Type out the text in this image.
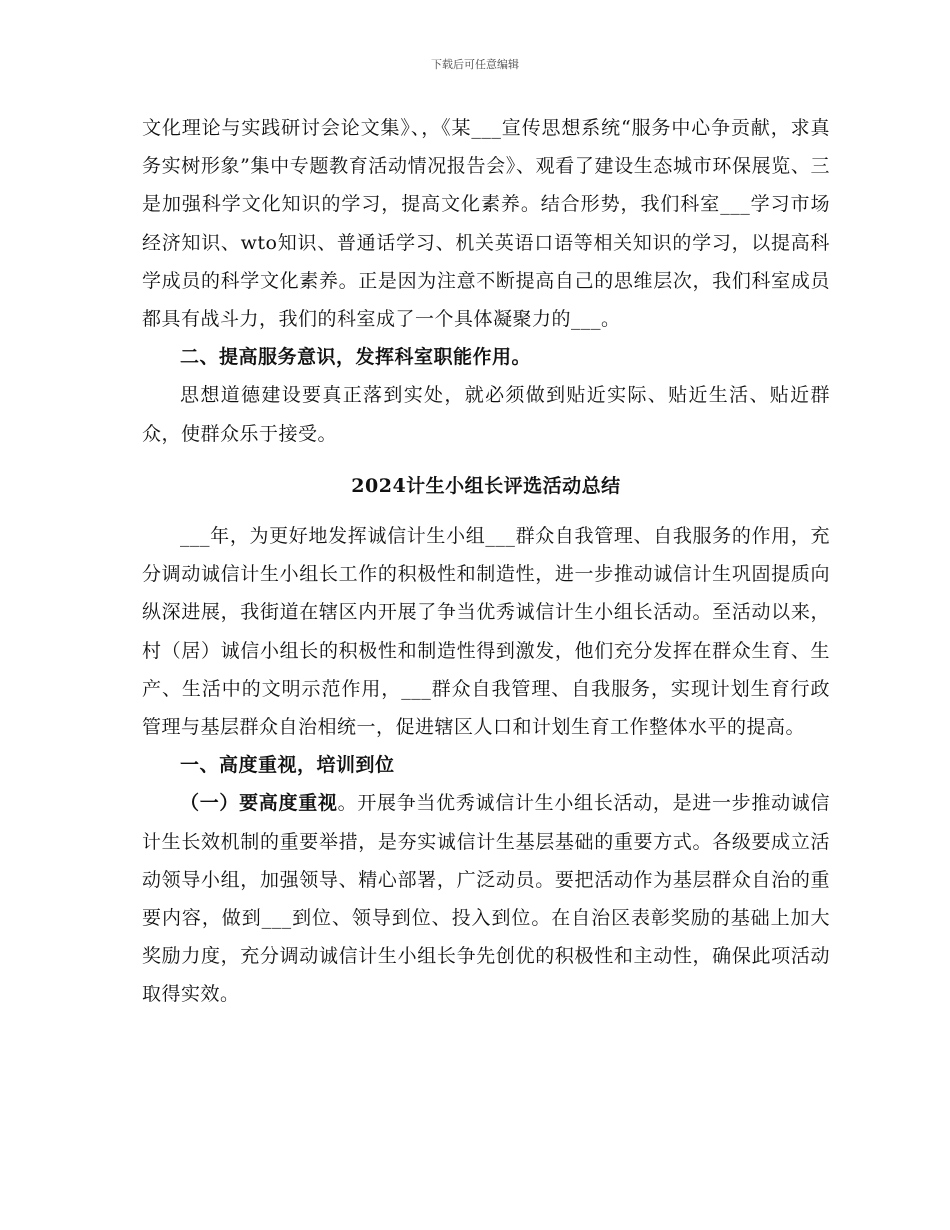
下载后可任意编辑

文化理论与实践研讨会论文集》、，《某___宣传思想系统“服务中心争贡献，求真务实树形象”集中专题教育活动情况报告会》、观看了建设生态城市环保展览、三是加强科学文化知识的学习，提高文化素养。结合形势，我们科室___学习市场经济知识、wto知识、普通话学习、机关英语口语等相关知识的学习，以提高科学成员的科学文化素养。正是因为注意不断提高自己的思维层次，我们科室成员都具有战斗力，我们的科室成了一个具体凝聚力的___。

二、提高服务意识，发挥科室职能作用。

思想道德建设要真正落到实处，就必须做到贴近实际、贴近生活、贴近群众，使群众乐于接受。

2024计生小组长评选活动总结

___年，为更好地发挥诚信计生小组___群众自我管理、自我服务的作用，充分调动诚信计生小组长工作的积极性和制造性，进一步推动诚信计生巩固提质向纵深进展，我街道在辖区内开展了争当优秀诚信计生小组长活动。至活动以来，村（居）诚信小组长的积极性和制造性得到激发，他们充分发挥在群众生育、生产、生活中的文明示范作用，___群众自我管理、自我服务，实现计划生育行政管理与基层群众自治相统一，促进辖区人口和计划生育工作整体水平的提高。

一、高度重视，培训到位

（一）要高度重视。开展争当优秀诚信计生小组长活动，是进一步推动诚信计生长效机制的重要举措，是夯实诚信计生基层基础的重要方式。各级要成立活动领导小组，加强领导、精心部署，广泛动员。要把活动作为基层群众自治的重要内容，做到___到位、领导到位、投入到位。在自治区表彰奖励的基础上加大奖励力度，充分调动诚信计生小组长争先创优的积极性和主动性，确保此项活动取得实效。
